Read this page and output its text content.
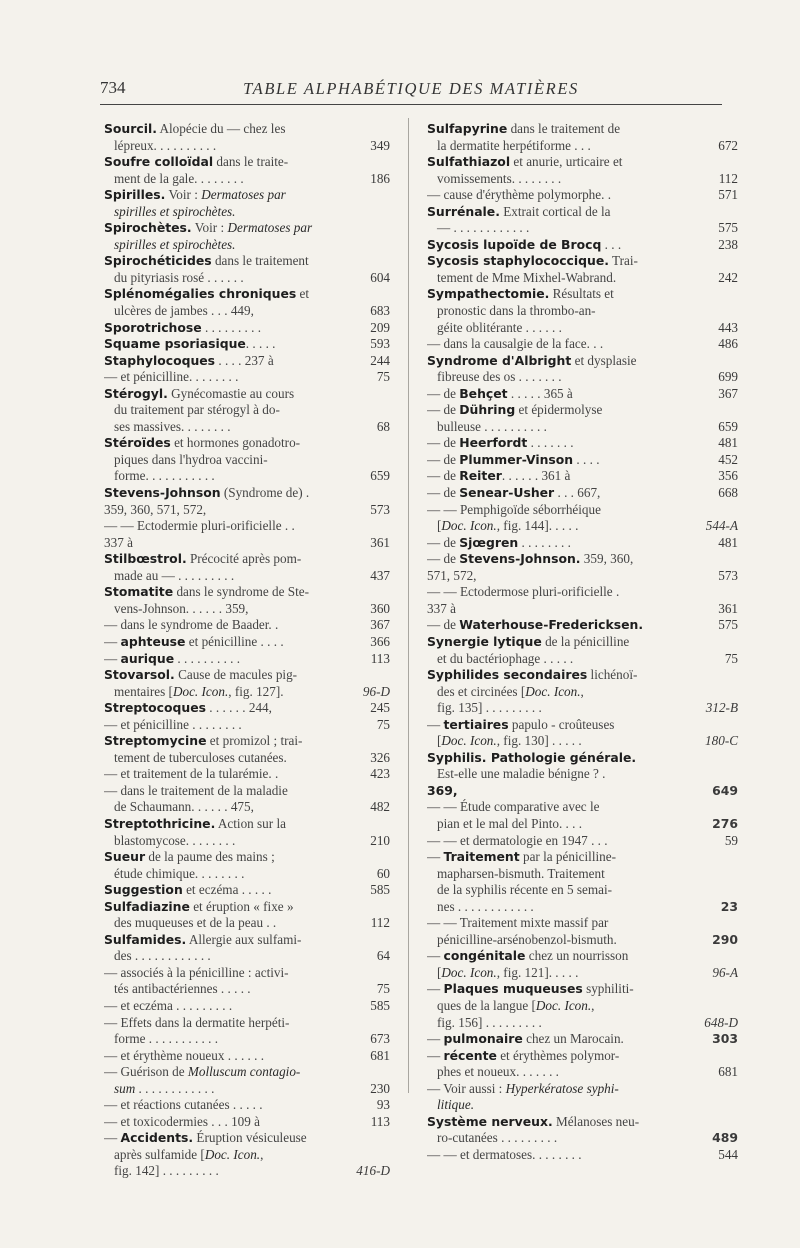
734	TABLE ALPHABÉTIQUE DES MATIÈRES
Sourcil. Alopécie du — chez les
lépreux. . . . . . . . . .	349
Soufre colloïdal dans le traite-
ment de la gale. . . . . . . .	186
Spirilles. Voir : Dermatoses par
spirilles et spirochètes.
Spirochètes. Voir : Dermatoses par
spirilles et spirochètes.
Spirochéticides dans le traitement
du pityriasis rosé . . . . . .	604
Splénomégalies chroniques et
ulcères de jambes . . . 449,	683
Sporotrichose . . . . . . . . .	209
Squame psoriasique. . . . .	593
Staphylocoques . . . . 237 à	244
— et pénicilline. . . . . . . .	75
Stérogyl. Gynécomastie au cours
du traitement par stérogyl à do-
ses massives. . . . . . . .	68
Stéroïdes et hormones gonadotro-
piques dans l'hydroa vaccini-
forme. . . . . . . . . . .	659
Stevens-Johnson (Syndrome de) .
359, 360, 571, 572,	573
— — Ectodermie pluri-orificielle . .
337 à	361
Stilbœstrol. Précocité après pom-
made au — . . . . . . . . .	437
Stomatite dans le syndrome de Ste-
vens-Johnson. . . . . . 359,	360
— dans le syndrome de Baader. .	367
— aphteuse et pénicilline . . . .	366
— aurique . . . . . . . . . .	113
Stovarsol. Cause de macules pig-
mentaires [Doc. Icon., fig. 127].	96-D
Streptocoques . . . . . . 244,	245
— et pénicilline . . . . . . . .	75
Streptomycine et promizol ; trai-
tement de tuberculoses cutanées.	326
— et traitement de la tularémie. .	423
— dans le traitement de la maladie
de Schaumann. . . . . . 475,	482
Streptothricine. Action sur la
blastomycose. . . . . . . .	210
Sueur de la paume des mains ;
étude chimique. . . . . . . .	60
Suggestion et eczéma . . . . .	585
Sulfadiazine et éruption « fixe »
des muqueuses et de la peau . .	112
Sulfamides. Allergie aux sulfami-
des . . . . . . . . . . . .	64
— associés à la pénicilline : activi-
tés antibactériennes . . . . .	75
— et eczéma . . . . . . . . .	585
— Effets dans la dermatite herpéti-
forme . . . . . . . . . . .	673
— et érythème noueux . . . . . .	681
— Guérison de Molluscum contagio-
sum . . . . . . . . . . . .	230
— et réactions cutanées . . . . .	93
— et toxicodermies . . . 109 à	113
— Accidents. Éruption vésiculeuse
après sulfamide [Doc. Icon.,
fig. 142] . . . . . . . . .	416-D
Sulfapyrine dans le traitement de
la dermatite herpétiforme . . .	672
Sulfathiazol et anurie, urticaire et
vomissements. . . . . . . .	112
— cause d'érythème polymorphe. .	571
Surrénale. Extrait cortical de la
— . . . . . . . . . . . .	575
Sycosis lupoïde de Brocq . . .	238
Sycosis staphylococcique. Trai-
tement de Mme Mixhel-Wabrand.	242
Sympathectomie. Résultats et
pronostic dans la thrombo-an-
géite oblitérante . . . . . .	443
— dans la causalgie de la face. . .	486
Syndrome d'Albright et dysplasie
fibreuse des os . . . . . . .	699
— de Behçet . . . . . 365 à	367
— de Dühring et épidermolyse
bulleuse . . . . . . . . . .	659
— de Heerfordt . . . . . . .	481
— de Plummer-Vinson . . . .	452
— de Reiter. . . . . . 361 à	356
— de Senear-Usher . . . 667,	668
— — Pemphigoïde séborrhéique
[Doc. Icon., fig. 144]. . . . .	544-A
— de Sjœgren . . . . . . . .	481
— de Stevens-Johnson. 359, 360,
571, 572,	573
— — Ectodermose pluri-orificielle .
337 à	361
— de Waterhouse-Fredericksen.	575
Synergie lytique de la pénicilline
et du bactériophage . . . . .	75
Syphilides secondaires lichénoï-
des et circinées [Doc. Icon.,
fig. 135] . . . . . . . . .	312-B
— tertiaires papulo - croûteuses
[Doc. Icon., fig. 130] . . . . .	180-C
Syphilis. Pathologie générale.
Est-elle une maladie bénigne ? .
369,	649
— — Étude comparative avec le
pian et le mal del Pinto. . . .	276
— — et dermatologie en 1947 . . .	59
— Traitement par la pénicilline-
mapharsen-bismuth. Traitement
de la syphilis récente en 5 semai-
nes . . . . . . . . . . . .	23
— — Traitement mixte massif par
pénicilline-arsénobenzol-bismuth.	290
— congénitale chez un nourrisson
[Doc. Icon., fig. 121]. . . . .	96-A
— Plaques muqueuses syphiliti-
ques de la langue [Doc. Icon.,
fig. 156] . . . . . . . . .	648-D
— pulmonaire chez un Marocain.	303
— récente et érythèmes polymor-
phes et noueux. . . . . . .	681
— Voir aussi : Hyperkératose syphi-
litique.
Système nerveux. Mélanoses neu-
ro-cutanées . . . . . . . . .	489
— — et dermatoses. . . . . . . .	544
